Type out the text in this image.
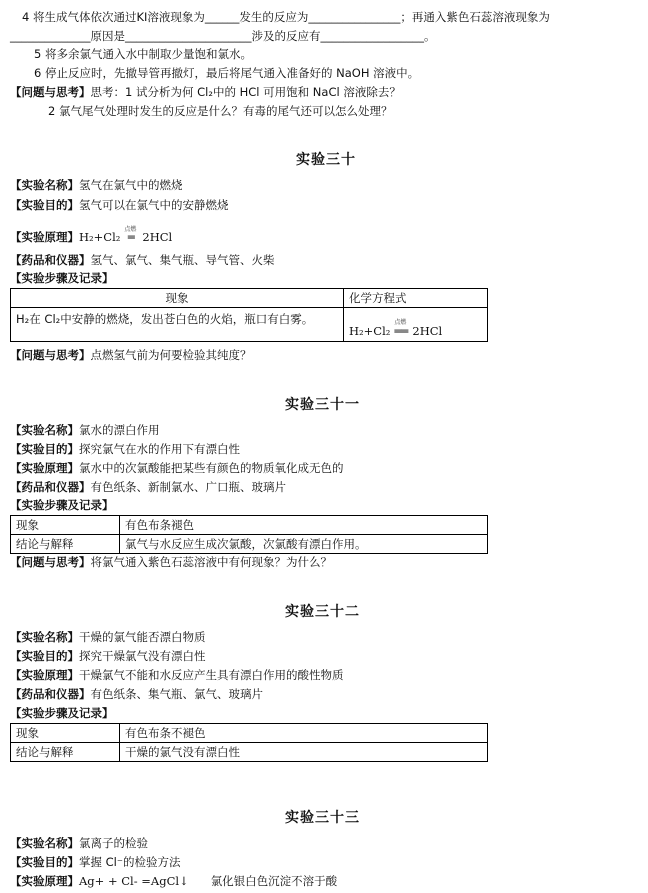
4 将生成气体依次通过KI溶液现象为______发生的反应为________________；再通入紫色石蕊溶液现象为
______________原因是______________________涉及的反应有__________________。
5 将多余氯气通入水中制取少量饱和氯水。
6 停止反应时，先撤导管再撤灯，最后将尾气通入准备好的 NaOH 溶液中。
【问题与思考】思考：1 试分析为何 Cl₂中的 HCl 可用饱和 NaCl 溶液除去？
2 氯气尾气处理时发生的反应是什么？有毒的尾气还可以怎么处理？
实验三十
【实验名称】氢气在氯气中的燃烧
【实验目的】氢气可以在氯气中的安静燃烧
【实验原理】H₂+Cl₂
点燃
═ 2HCl
【药品和仪器】氢气、氯气、集气瓶、导气管、火柴
【实验步骤及记录】
现象	化学方程式
H₂在 Cl₂中安静的燃烧，发出苍白色的火焰，瓶口有白雾。	H₂+Cl₂
点燃
══ 2HCl
【问题与思考】点燃氢气前为何要检验其纯度？
实验三十一
【实验名称】氯水的漂白作用
【实验目的】探究氯气在水的作用下有漂白性
【实验原理】氯水中的次氯酸能把某些有颜色的物质氧化成无色的
【药品和仪器】有色纸条、新制氯水、广口瓶、玻璃片
【实验步骤及记录】
现象	有色布条褪色
结论与解释	氯气与水反应生成次氯酸，次氯酸有漂白作用。
【问题与思考】将氯气通入紫色石蕊溶液中有何现象？为什么？
实验三十二
【实验名称】干燥的氯气能否漂白物质
【实验目的】探究干燥氯气没有漂白性
【实验原理】干燥氯气不能和水反应产生具有漂白作用的酸性物质
【药品和仪器】有色纸条、集气瓶、氯气、玻璃片
【实验步骤及记录】
现象	有色布条不褪色
结论与解释	干燥的氯气没有漂白性
实验三十三
【实验名称】氯离子的检验
【实验目的】掌握 Cl⁻的检验方法
【实验原理】Ag+ + Cl- =AgCl↓ 氯化银白色沉淀不溶于酸
